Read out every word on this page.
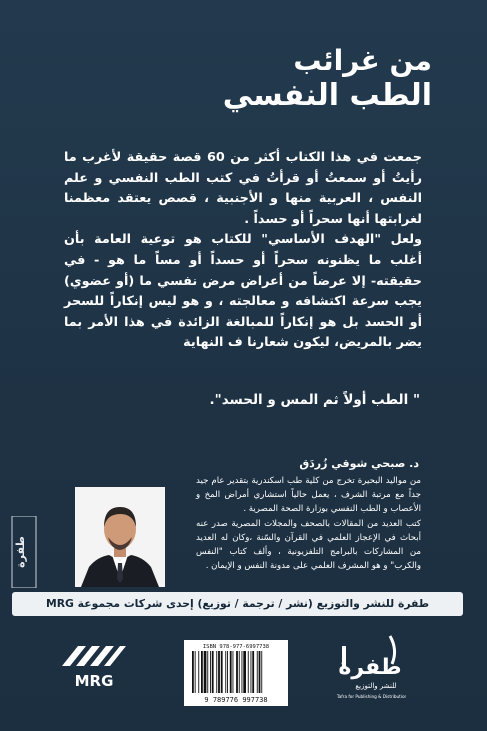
من غرائب
الطب النفسي

جمعت في هذا الكتاب أكثر من 60 قصة حقيقة لأغرب ما رأيتُ أو سمعتُ أو قرأتُ في كتب الطب النفسي و علم النفس ، العربية منها و الأجنبية ، قصص يعتقد معظمنا لغرابتها أنها سحراً أو حسداً .

ولعل "الهدف الأساسي" للكتاب هو توعية العامة بأن أغلب ما يظنونه سحراً أو حسداً أو مساً ما هو - في حقيقته- إلا عرضاً من أعراض مرض نفسي ما (أو عضوي) يجب سرعة اكتشافه و معالجته ، و هو ليس إنكاراً للسحر أو الحسد بل هو إنكاراً للمبالغة الزائدة في هذا الأمر بما يضر بالمريض، ليكون شعارنا ف النهاية

" الطب أولاً ثم المس و الحسد".
د. صبحي شوقي زُردَق

من مواليد البحيرة تخرج من كلية طب اسكندرية بتقدير عام جيد جداً مع مرتبة الشرف ، يعمل حالياً استشاري أمراض المخ و الأعصاب و الطب النفسي بوزارة الصحة المصرية .

كتب العديد من المقالات بالصحف والمجلات المصرية صدر عنه أبحاث في الإعجاز العلمي في القرآن والسّنة ،وكان له العديد من المشاركات بالبرامج التلفزيونية ، وألف كتاب "النفس والكرب" و هو المشرف العلمي على مدونة النفس و الإيمان .

طفرة
طفرة للنشر والتوزيع (نشر / ترجمة / توزيع) إحدى شركات مجموعة MRG
MRG
ISBN 978-977-6997738
9 789776 997738
طفرة
للنشر والتوزيع
Tafra for Publishing & Distribution
